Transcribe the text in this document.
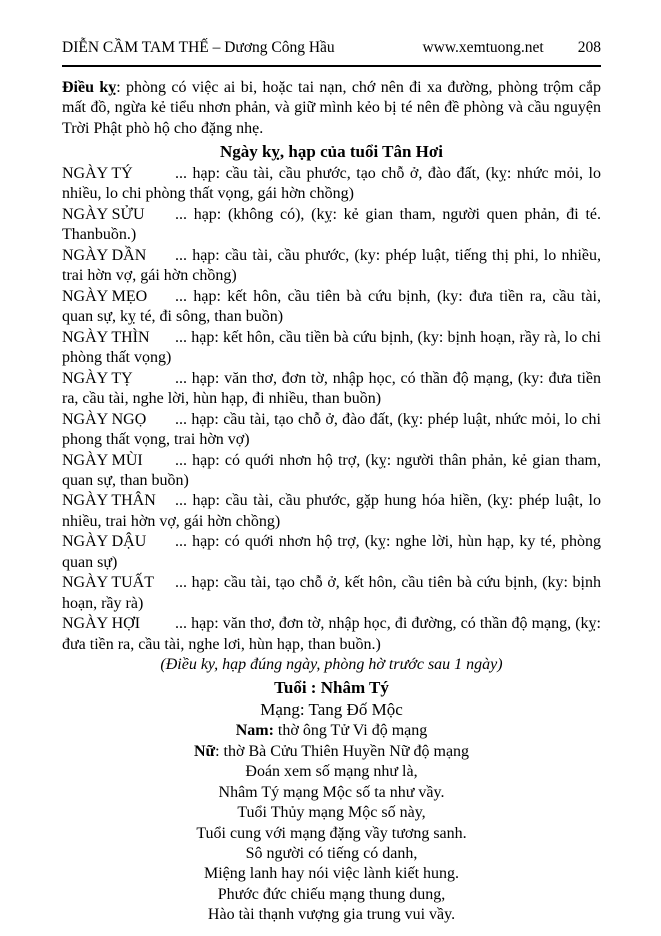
DIỄN CẦM TAM THẾ – Dương Công Hầu	www.xemtuong.net 208

Điều kỵ: phòng có việc ai bi, hoặc tai nạn, chớ nên đi xa đường, phòng trộm cắp mất đồ, ngừa kẻ tiểu nhơn phản, và giữ mình kẻo bị té nên đề phòng và cầu nguyện Trời Phật phò hộ cho đặng nhẹ.

Ngày kỵ, hạp của tuổi Tân Hơi

NGÀY TÝ	... hạp: cầu tài, cầu phước, tạo chỗ ở, đào đất, (kỵ: nhức mỏi, lo nhiều, lo chi phòng thất vọng, gái hờn chồng)

NGÀY SỬU ... hạp: (không có), (kỵ: kẻ gian tham, người quen phản, đi té. Thanbuồn.)

NGÀY DẦN ... hạp: cầu tài, cầu phước, (ky: phép luật, tiếng thị phi, lo nhiều, trai hờn vợ, gái hờn chồng)

NGÀY MẸO ... hạp: kết hôn, cầu tiên bà cứu bịnh, (ky: đưa tiền ra, cầu tài, quan sự, kỵ té, đi sông, than buồn)

NGÀY THÌN ... hạp: kết hôn, cầu tiền bà cứu bịnh, (ky: bịnh hoạn, rầy rà, lo chi phòng thất vọng)

NGÀY TỴ	... hạp: văn thơ, đơn tờ, nhập học, có thần độ mạng, (ky: đưa tiền ra, cầu tài, nghe lời, hùn hạp, đi nhiều, than buồn)

NGÀY NGỌ ... hạp: cầu tài, tạo chỗ ở, đào đất, (kỵ: phép luật, nhức mỏi, lo chi phong thất vọng, trai hờn vợ)

NGÀY MÙI ... hạp: có quới nhơn hộ trợ, (kỵ: người thân phản, kẻ gian tham, quan sự, than buồn)

NGÀY THÂN ... hạp: cầu tài, cầu phước, gặp hung hóa hiền, (kỵ: phép luật, lo nhiều, trai hờn vợ, gái hờn chồng)

NGÀY DẬU ... hạp: có quới nhơn hộ trợ, (kỵ: nghe lời, hùn hạp, ky té, phòng quan sự)

NGÀY TUẤT ... hạp: cầu tài, tạo chỗ ở, kết hôn, cầu tiên bà cứu bịnh, (ky: bịnh hoạn, rầy rà)

NGÀY HỢI ... hạp: văn thơ, đơn tờ, nhập học, đi đường, có thần độ mạng, (kỵ: đưa tiền ra, cầu tài, nghe lơi, hùn hạp, than buồn.)

(Điều ky, hạp đúng ngày, phòng hờ trước sau 1 ngày)

Tuổi : Nhâm Tý
Mạng: Tang Đố Mộc
Nam: thờ ông Tử Vi độ mạng
Nữ: thờ Bà Cửu Thiên Huyền Nữ độ mạng
Đoán xem số mạng như là,
Nhâm Tý mạng Mộc số ta như vầy.
Tuổi Thủy mạng Mộc số này,
Tuổi cung với mạng đặng vầy tương sanh.
Sô người có tiếng có danh,
Miệng lanh hay nói việc lành kiết hung.
Phước đức chiếu mạng thung dung,
Hào tài thạnh vượng gia trung vui vầy.
